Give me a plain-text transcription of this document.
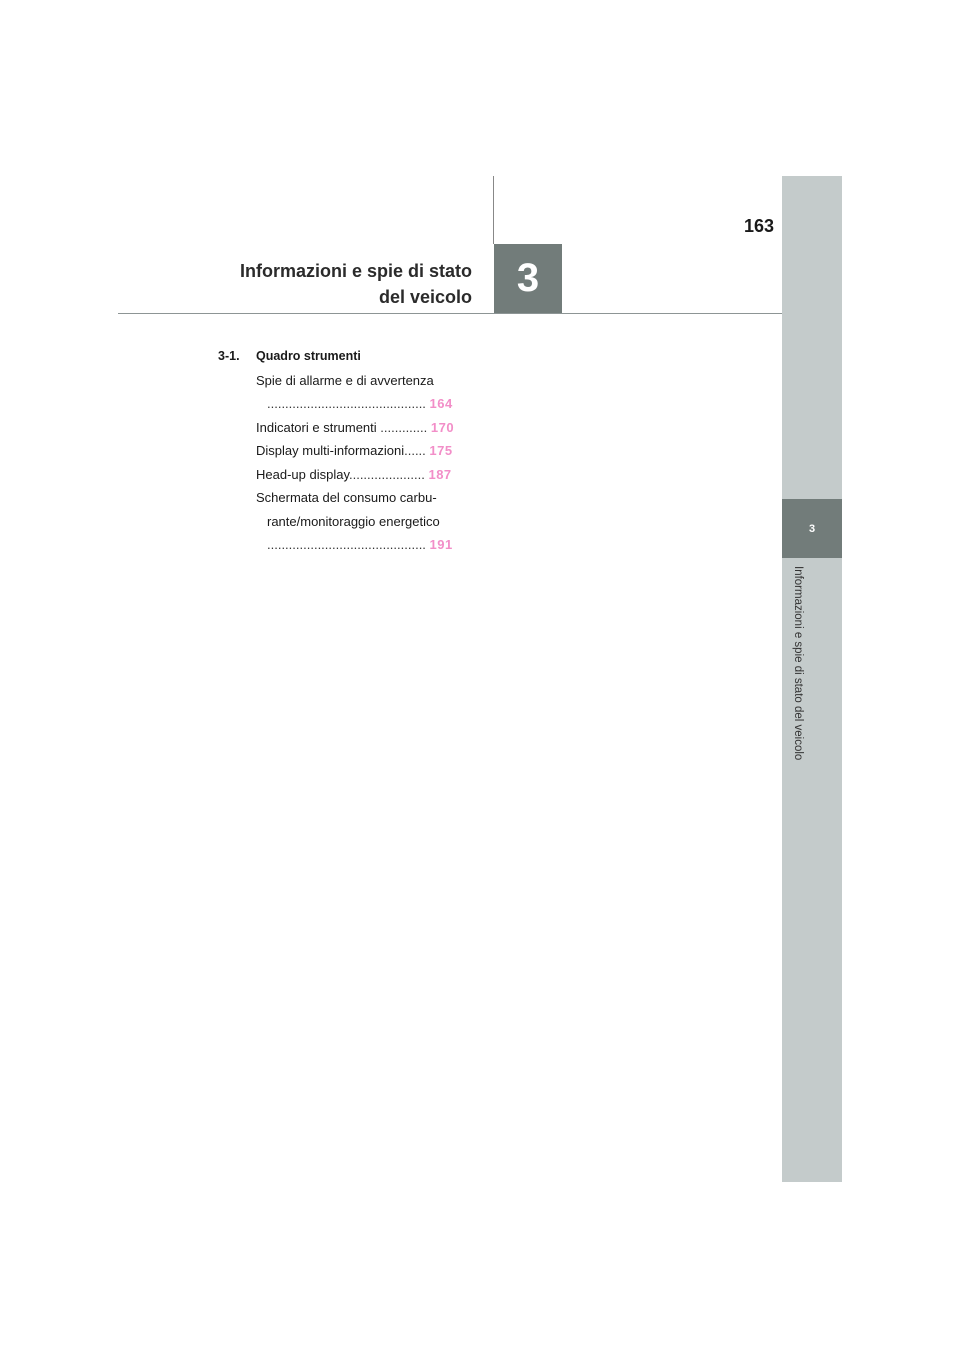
3
Informazioni e spie di stato del veicolo
3
163
Informazioni e spie di stato
del veicolo
3-1. Quadro strumenti
Spie di allarme e di avvertenza
............................................ 164
Indicatori e strumenti ............. 170
Display multi-informazioni...... 175
Head-up display..................... 187
Schermata del consumo carbu-
rante/monitoraggio energetico
............................................ 191
